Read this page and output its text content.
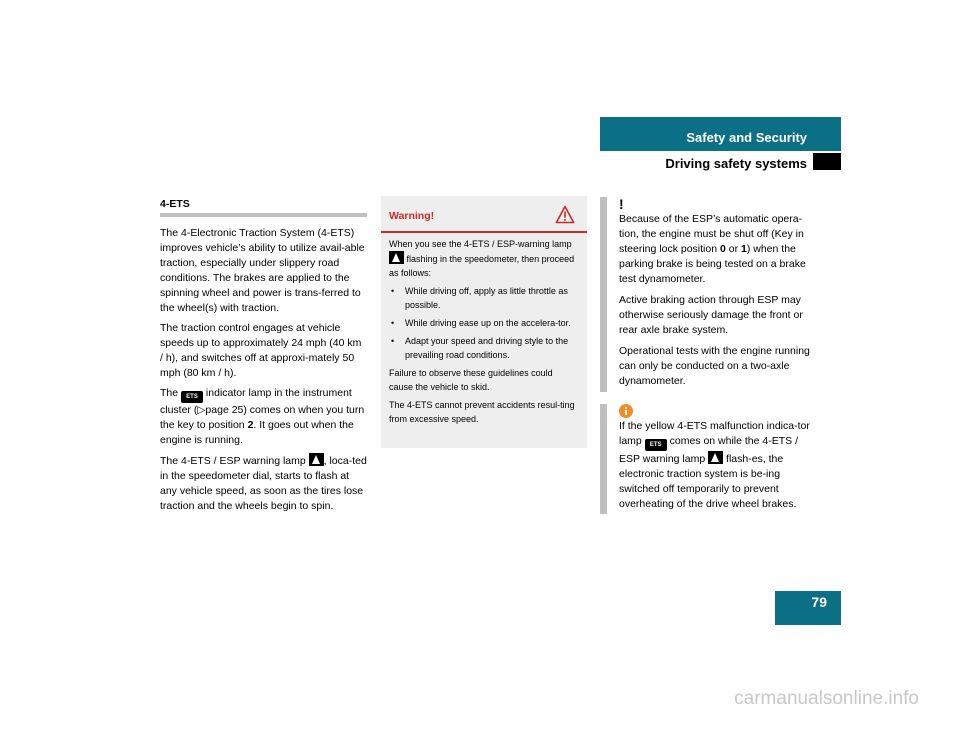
Safety and Security
Driving safety systems
4-ETS

The 4-Electronic Traction System (4-ETS) improves vehicle’s ability to utilize avail-able traction, especially under slippery road conditions. The brakes are applied to the spinning wheel and power is trans-ferred to the wheel(s) with traction.

The traction control engages at vehicle speeds up to approximately 24 mph (40 km / h), and switches off at approxi-mately 50 mph (80 km / h).

The ETS indicator lamp in the instrument cluster (▷page 25) comes on when you turn the key to position 2. It goes out when the engine is running.

The 4-ETS / ESP warning lamp , loca-ted in the speedometer dial, starts to flash at any vehicle speed, as soon as the tires lose traction and the wheels begin to spin.

Warning!

When you see the 4-ETS / ESP-warning lamp  flashing in the speedometer, then proceed as follows:

• While driving off, apply as little throttle as possible.
• While driving ease up on the accelera-tor.
• Adapt your speed and driving style to the prevailing road conditions.

Failure to observe these guidelines could cause the vehicle to skid.

The 4-ETS cannot prevent accidents resul-ting from excessive speed.

!

Because of the ESP’s automatic opera-tion, the engine must be shut off (Key in steering lock position 0 or 1) when the parking brake is being tested on a brake test dynamometer.

Active braking action through ESP may otherwise seriously damage the front or rear axle brake system.

Operational tests with the engine running can only be conducted on a two-axle dynamometer.

If the yellow 4-ETS malfunction indica-tor lamp ETS comes on while the 4-ETS / ESP warning lamp  flash-es, the electronic traction system is be-ing switched off temporarily to prevent overheating of the drive wheel brakes.

79
carmanualsonline.info
